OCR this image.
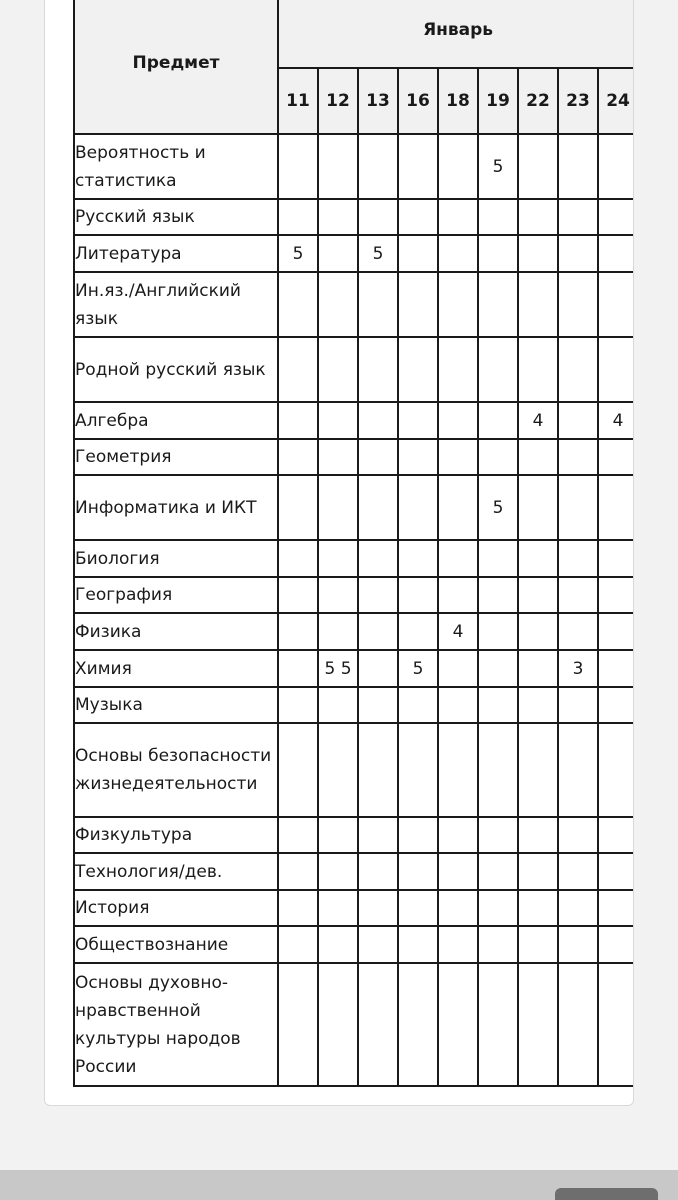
Предмет	Январь								
	11	12	13	16	18	19	22	23	24
Вероятность и статистика						5			
Русский язык									
Литература	5		5						
Ин.яз./Английский язык									
Родной русский язык									
Алгебра							4		4
Геометрия									
Информатика и ИКТ						5			
Биология									
География									
Физика					4				
Химия		5 5		5				3	
Музыка									
Основы безопасности жизнедеятельности									
Физкультура									
Технология/дев.									
История									
Обществознание									
Основы духовно-нравственной культуры народов России									
